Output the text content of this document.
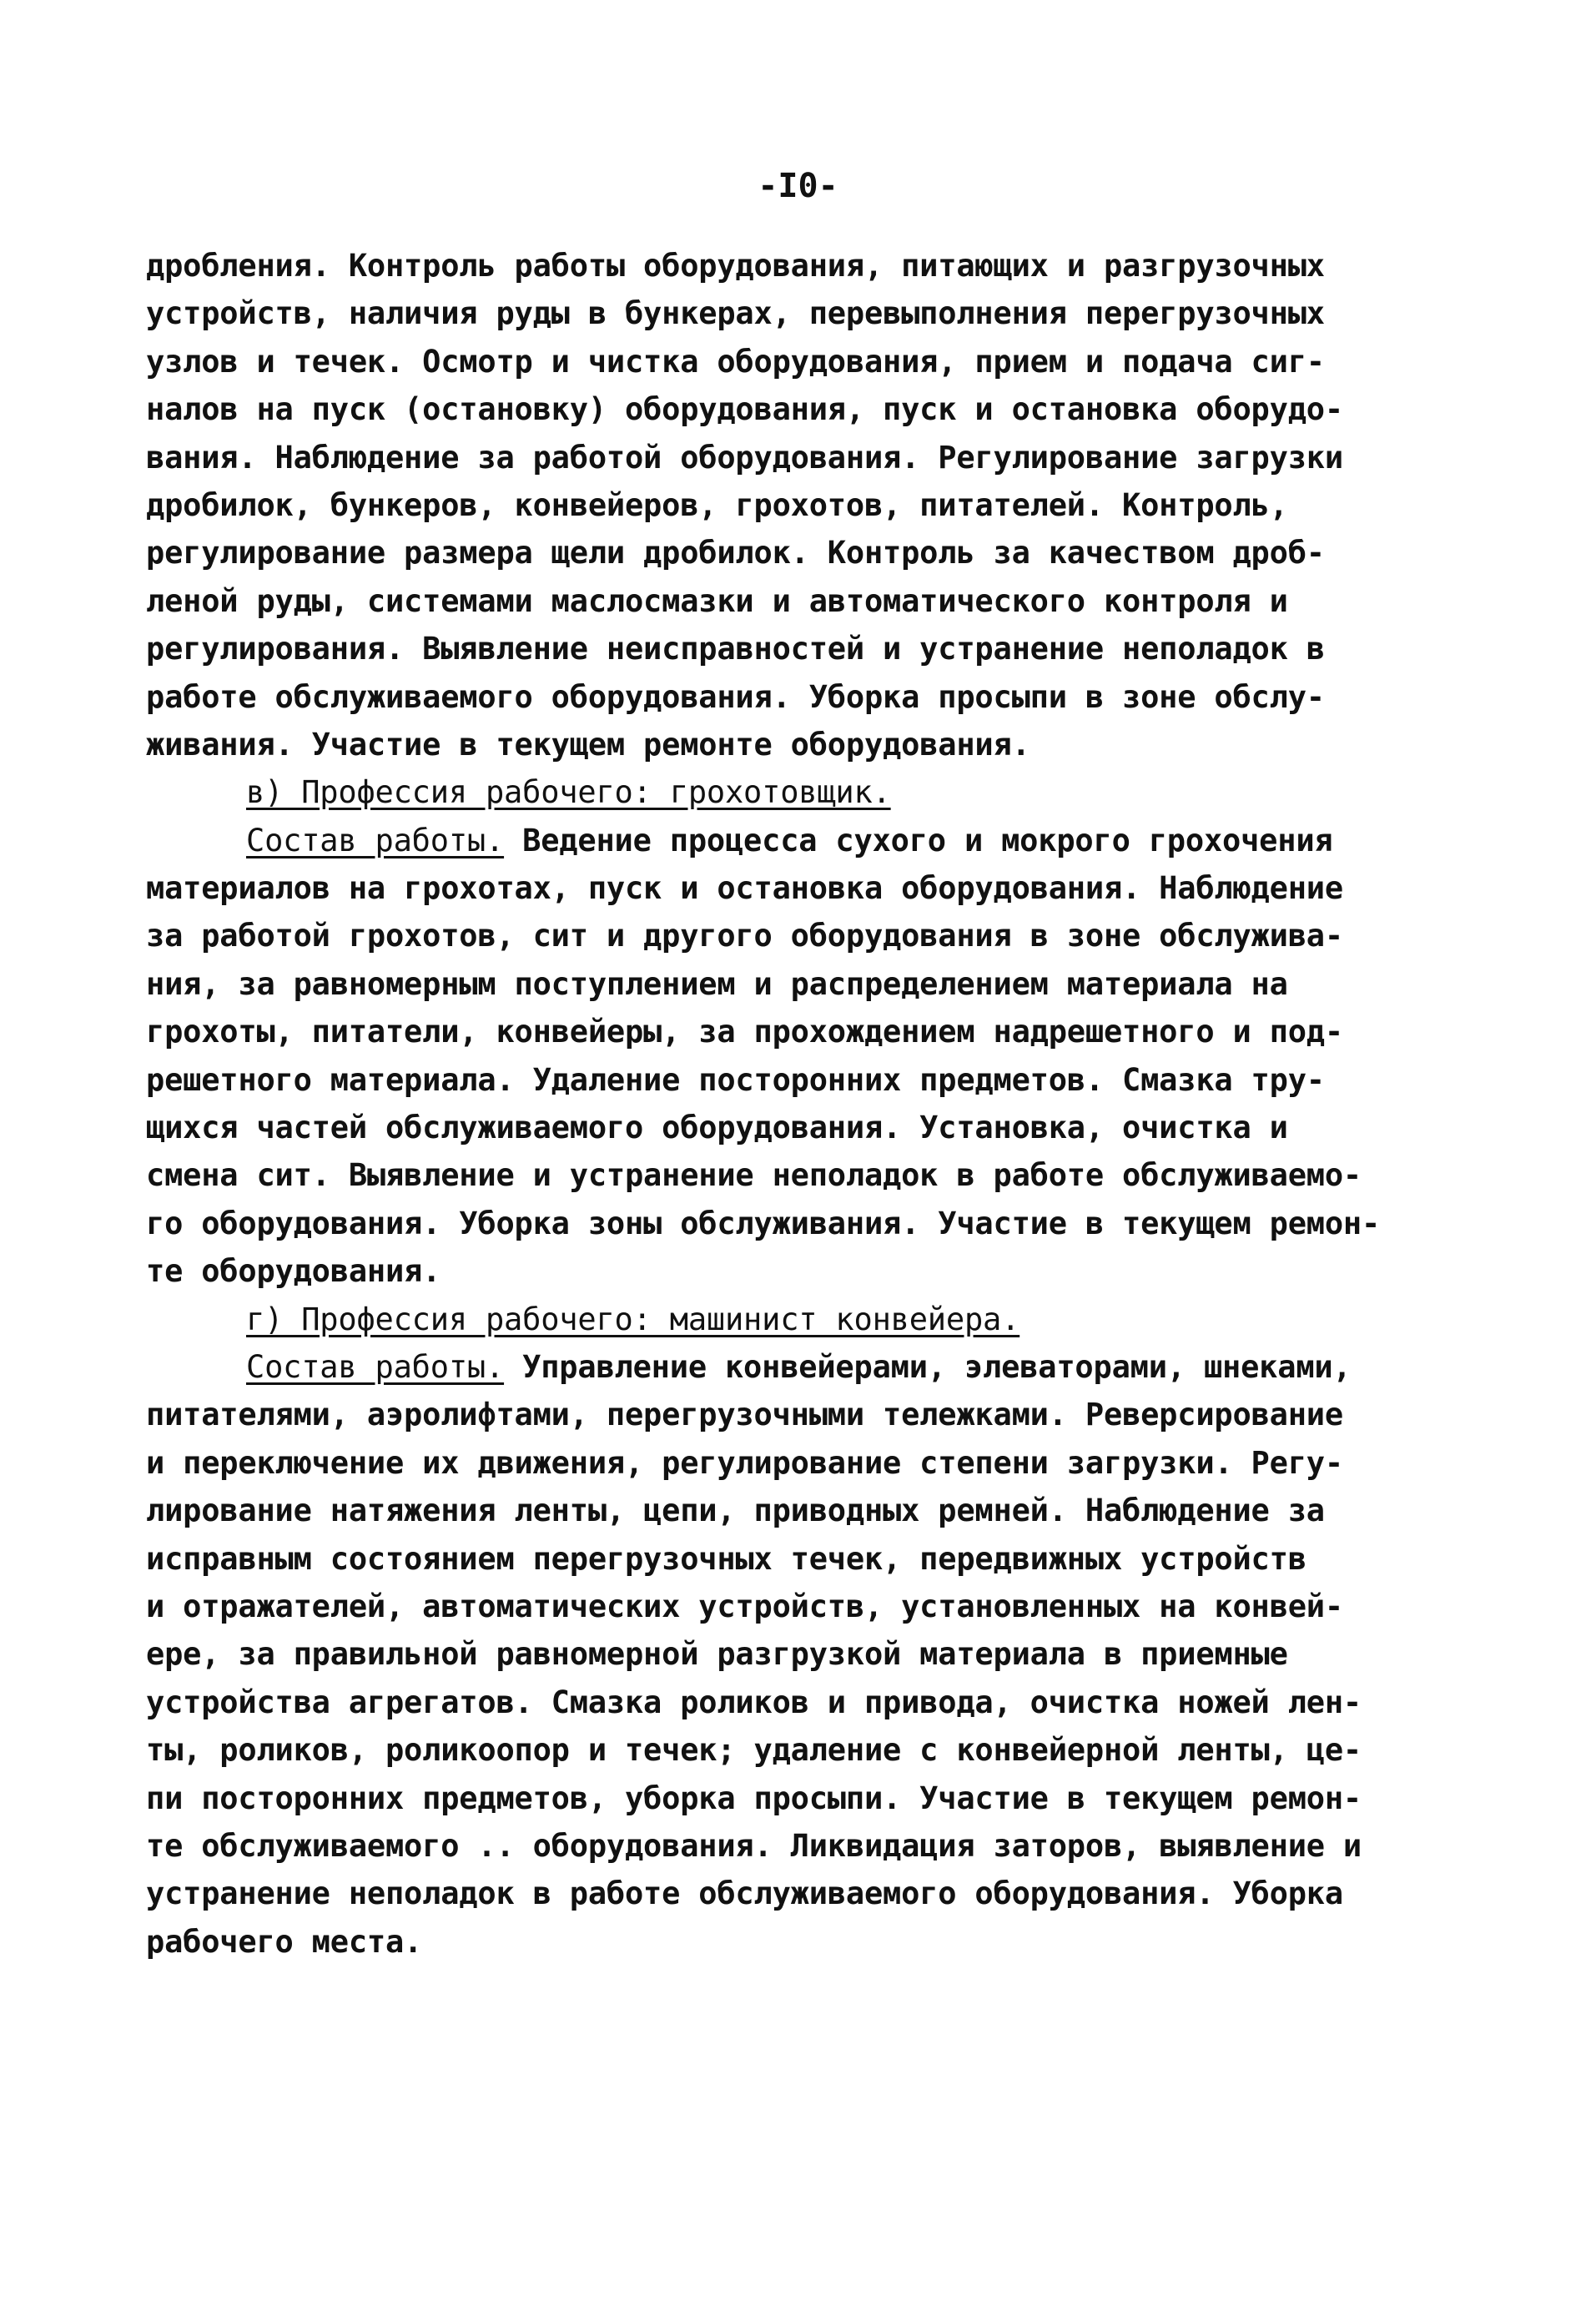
-I0-
дробления. Контроль работы оборудования, питающих и разгрузочных
устройств, наличия руды в бункерах, перевыполнения перегрузочных
узлов и течек. Осмотр и чистка оборудования, прием и подача сиг-
налов на пуск (остановку) оборудования, пуск и остановка оборудо-
вания. Наблюдение за работой оборудования. Регулирование загрузки
дробилок, бункеров, конвейеров, грохотов, питателей. Контроль,
регулирование размера щели дробилок. Контроль за качеством дроб-
леной руды, системами маслосмазки и автоматического контроля и
регулирования. Выявление неисправностей и устранение неполадок в
работе обслуживаемого оборудования. Уборка просыпи в зоне обслу-
живания. Участие в текущем ремонте оборудования.
в) Профессия рабочего: грохотовщик.
Состав работы. Ведение процесса сухого и мокрого грохочения
материалов на грохотах, пуск и остановка оборудования. Наблюдение
за работой грохотов, сит и другого оборудования в зоне обслужива-
ния, за равномерным поступлением и распределением материала на
грохоты, питатели, конвейеры, за прохождением надрешетного и под-
решетного материала. Удаление посторонних предметов. Смазка тру-
щихся частей обслуживаемого оборудования. Установка, очистка и
смена сит. Выявление и устранение неполадок в работе обслуживаемо-
го оборудования. Уборка зоны обслуживания. Участие в текущем ремон-
те оборудования.
г) Профессия рабочего: машинист конвейера.
Состав работы. Управление конвейерами, элеваторами, шнеками,
питателями, аэролифтами, перегрузочными тележками. Реверсирование
и переключение их движения, регулирование степени загрузки. Регу-
лирование натяжения ленты, цепи, приводных ремней. Наблюдение за
исправным состоянием перегрузочных течек, передвижных устройств
и отражателей, автоматических устройств, установленных на конвей-
ере, за правильной равномерной разгрузкой материала в приемные
устройства агрегатов. Смазка роликов и привода, очистка ножей лен-
ты, роликов, роликоопор и течек; удаление с конвейерной ленты, це-
пи посторонних предметов, уборка просыпи. Участие в текущем ремон-
те обслуживаемого .. оборудования. Ликвидация заторов, выявление и
устранение неполадок в работе обслуживаемого оборудования. Уборка
рабочего места.
